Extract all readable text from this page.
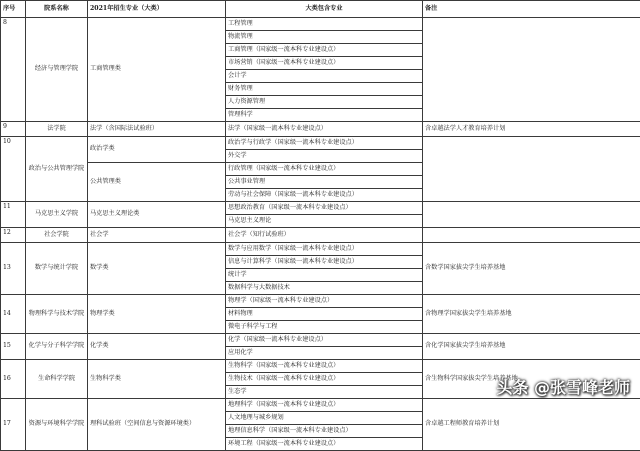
序号	院系名称	2021年招生专业（大类）	大类包含专业	备注
8	经济与管理学院	工商管理类	工程管理	
			物流管理	
			工商管理（国家级一流本科专业建设点）	
			市场营销（国家级一流本科专业建设点）	
			会计学	
			财务管理	
			人力资源管理	
			管理科学	
9	法学院	法学（含国际法试验班）	法学（国家级一流本科专业建设点）	含卓越法学人才教育培养计划
10	政治与公共管理学院	政治学类	政治学与行政学（国家级一流本科专业建设点）	
			外交学	
		公共管理类	行政管理（国家级一流本科专业建设点）	
			公共事业管理	
			劳动与社会保障（国家级一流本科专业建设点）	
11	马克思主义学院	马克思主义理论类	思想政治教育（国家级一流本科专业建设点）	
			马克思主义理论	
12	社会学院	社会学	社会学（知行试验班）	
13	数学与统计学院	数学类	数学与应用数学（国家级一流本科专业建设点）	含数学国家拔尖学生培养基地
			信息与计算科学（国家级一流本科专业建设点）	
			统计学	
			数据科学与大数据技术	
14	物理科学与技术学院	物理学类	物理学（国家级一流本科专业建设点）	含物理学国家拔尖学生培养基地
			材料物理	
			微电子科学与工程	
15	化学与分子科学学院	化学类	化学（国家级一流本科专业建设点）	含化学国家拔尖学生培养基地
			应用化学	
16	生命科学学院	生物科学类	生物科学（国家级一流本科专业建设点）	含生物科学国家拔尖学生培养基地
			生物技术（国家级一流本科专业建设点）	
			生态学	
17	资源与环境科学学院	理科试验班（空间信息与资源环境类）	地理科学（国家级一流本科专业建设点）	含卓越工程师教育培养计划
			人文地理与城乡规划	
			地理信息科学（国家级一流本科专业建设点）	
			环境工程（国家级一流本科专业建设点）	
头条 @张雪峰老师
